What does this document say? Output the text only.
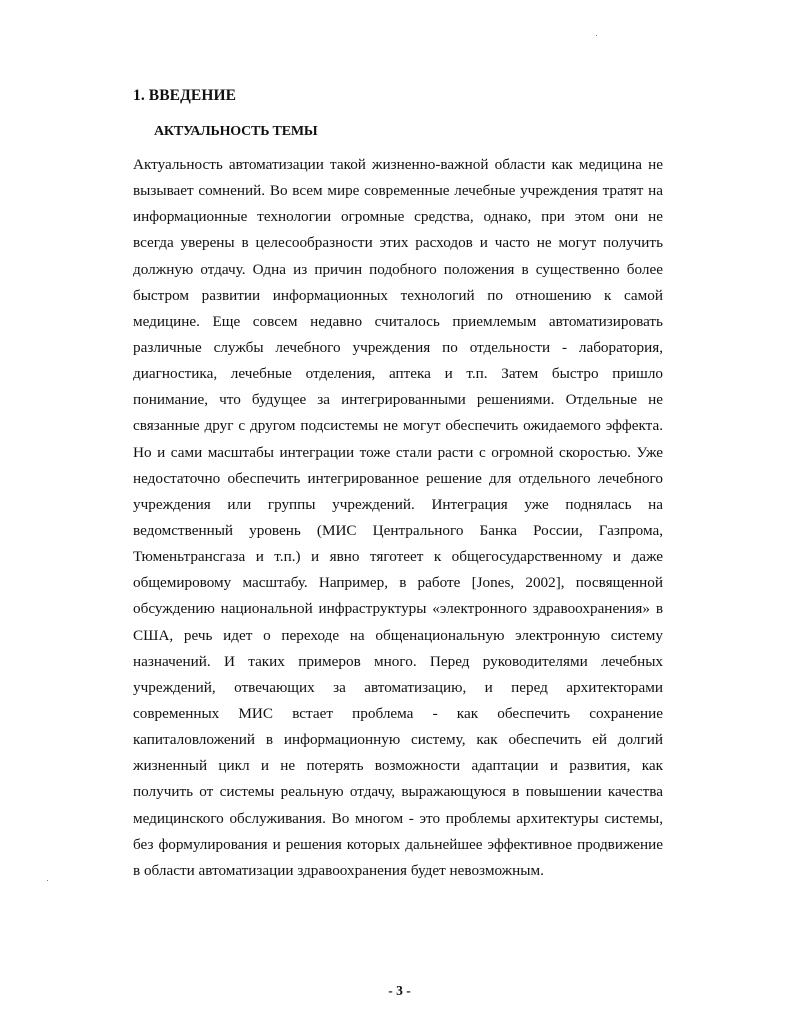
1. ВВЕДЕНИЕ
АКТУАЛЬНОСТЬ ТЕМЫ
Актуальность автоматизации такой жизненно-важной области как медицина не
вызывает сомнений. Во всем мире современные лечебные учреждения тратят на
информационные технологии огромные средства, однако, при этом они не
всегда уверены в целесообразности этих расходов и часто не могут получить
должную отдачу. Одна из причин подобного положения в существенно более
быстром развитии информационных технологий по отношению к самой
медицине. Еще совсем недавно считалось приемлемым автоматизировать
различные службы лечебного учреждения по отдельности - лаборатория,
диагностика, лечебные отделения, аптека и т.п. Затем быстро пришло
понимание, что будущее за интегрированными решениями. Отдельные не
связанные друг с другом подсистемы не могут обеспечить ожидаемого эффекта.
Но и сами масштабы интеграции тоже стали расти с огромной скоростью. Уже
недостаточно обеспечить интегрированное решение для отдельного лечебного
учреждения или группы учреждений. Интеграция уже поднялась на
ведомственный уровень (МИС Центрального Банка России, Газпрома,
Тюменьтрансгаза и т.п.) и явно тяготеет к общегосударственному и даже
общемировому масштабу. Например, в работе [Jones, 2002], посвященной
обсуждению национальной инфраструктуры «электронного здравоохранения» в
США, речь идет о переходе на общенациональную электронную систему
назначений. И таких примеров много. Перед руководителями лечебных
учреждений, отвечающих за автоматизацию, и перед архитекторами
современных МИС встает проблема - как обеспечить сохранение
капиталовложений в информационную систему, как обеспечить ей долгий
жизненный цикл и не потерять возможности адаптации и развития, как
получить от системы реальную отдачу, выражающуюся в повышении качества
медицинского обслуживания. Во многом - это проблемы архитектуры системы,
без формулирования и решения которых дальнейшее эффективное продвижение
в области автоматизации здравоохранения будет невозможным.
- 3 -
